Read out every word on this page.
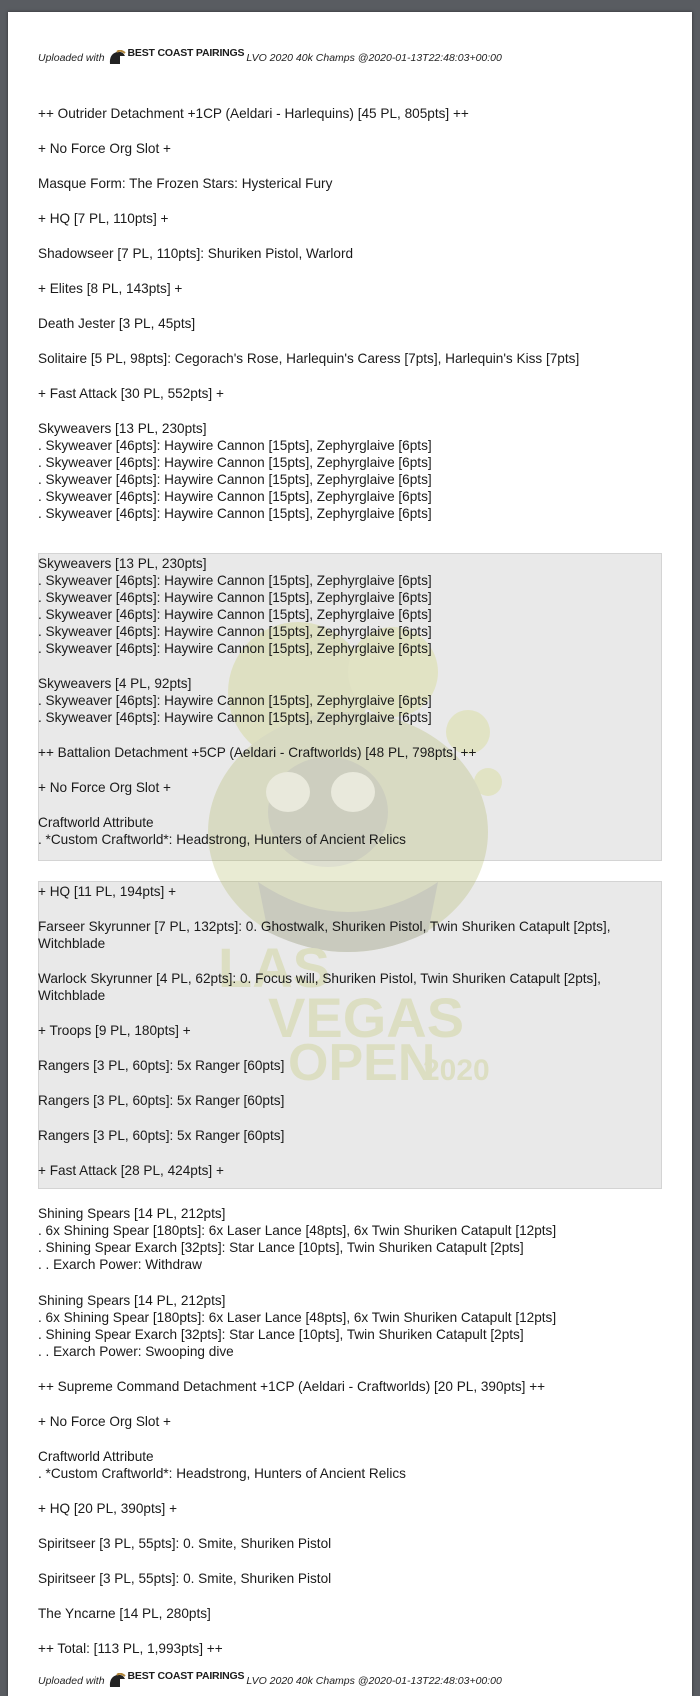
LAS
VEGAS
OPEN
2020
Uploaded with BEST COAST PAIRINGS LVO 2020 40k Champs @2020-01-13T22:48:03+00:00
++ Outrider Detachment +1CP (Aeldari - Harlequins) [45 PL, 805pts] ++
+ No Force Org Slot +
Masque Form: The Frozen Stars: Hysterical Fury
+ HQ [7 PL, 110pts] +
Shadowseer [7 PL, 110pts]: Shuriken Pistol, Warlord
+ Elites [8 PL, 143pts] +
Death Jester [3 PL, 45pts]
Solitaire [5 PL, 98pts]: Cegorach's Rose, Harlequin's Caress [7pts], Harlequin's Kiss [7pts]
+ Fast Attack [30 PL, 552pts] +
Skyweavers [13 PL, 230pts]
. Skyweaver [46pts]: Haywire Cannon [15pts], Zephyrglaive [6pts]
. Skyweaver [46pts]: Haywire Cannon [15pts], Zephyrglaive [6pts]
. Skyweaver [46pts]: Haywire Cannon [15pts], Zephyrglaive [6pts]
. Skyweaver [46pts]: Haywire Cannon [15pts], Zephyrglaive [6pts]
. Skyweaver [46pts]: Haywire Cannon [15pts], Zephyrglaive [6pts]
Skyweavers [13 PL, 230pts]
. Skyweaver [46pts]: Haywire Cannon [15pts], Zephyrglaive [6pts]
. Skyweaver [46pts]: Haywire Cannon [15pts], Zephyrglaive [6pts]
. Skyweaver [46pts]: Haywire Cannon [15pts], Zephyrglaive [6pts]
. Skyweaver [46pts]: Haywire Cannon [15pts], Zephyrglaive [6pts]
. Skyweaver [46pts]: Haywire Cannon [15pts], Zephyrglaive [6pts]
Skyweavers [4 PL, 92pts]
. Skyweaver [46pts]: Haywire Cannon [15pts], Zephyrglaive [6pts]
. Skyweaver [46pts]: Haywire Cannon [15pts], Zephyrglaive [6pts]
++ Battalion Detachment +5CP (Aeldari - Craftworlds) [48 PL, 798pts] ++
+ No Force Org Slot +
Craftworld Attribute
. *Custom Craftworld*: Headstrong, Hunters of Ancient Relics
+ HQ [11 PL, 194pts] +
Farseer Skyrunner [7 PL, 132pts]: 0. Ghostwalk, Shuriken Pistol, Twin Shuriken Catapult [2pts], Witchblade
Warlock Skyrunner [4 PL, 62pts]: 0. Focus will, Shuriken Pistol, Twin Shuriken Catapult [2pts], Witchblade
+ Troops [9 PL, 180pts] +
Rangers [3 PL, 60pts]: 5x Ranger [60pts]
Rangers [3 PL, 60pts]: 5x Ranger [60pts]
Rangers [3 PL, 60pts]: 5x Ranger [60pts]
+ Fast Attack [28 PL, 424pts] +
Shining Spears [14 PL, 212pts]
. 6x Shining Spear [180pts]: 6x Laser Lance [48pts], 6x Twin Shuriken Catapult [12pts]
. Shining Spear Exarch [32pts]: Star Lance [10pts], Twin Shuriken Catapult [2pts]
. . Exarch Power: Withdraw
Shining Spears [14 PL, 212pts]
. 6x Shining Spear [180pts]: 6x Laser Lance [48pts], 6x Twin Shuriken Catapult [12pts]
. Shining Spear Exarch [32pts]: Star Lance [10pts], Twin Shuriken Catapult [2pts]
. . Exarch Power: Swooping dive
++ Supreme Command Detachment +1CP (Aeldari - Craftworlds) [20 PL, 390pts] ++
+ No Force Org Slot +
Craftworld Attribute
. *Custom Craftworld*: Headstrong, Hunters of Ancient Relics
+ HQ [20 PL, 390pts] +
Spiritseer [3 PL, 55pts]: 0. Smite, Shuriken Pistol
Spiritseer [3 PL, 55pts]: 0. Smite, Shuriken Pistol
The Yncarne [14 PL, 280pts]
++ Total: [113 PL, 1,993pts] ++
Uploaded with BEST COAST PAIRINGS LVO 2020 40k Champs @2020-01-13T22:48:03+00:00
